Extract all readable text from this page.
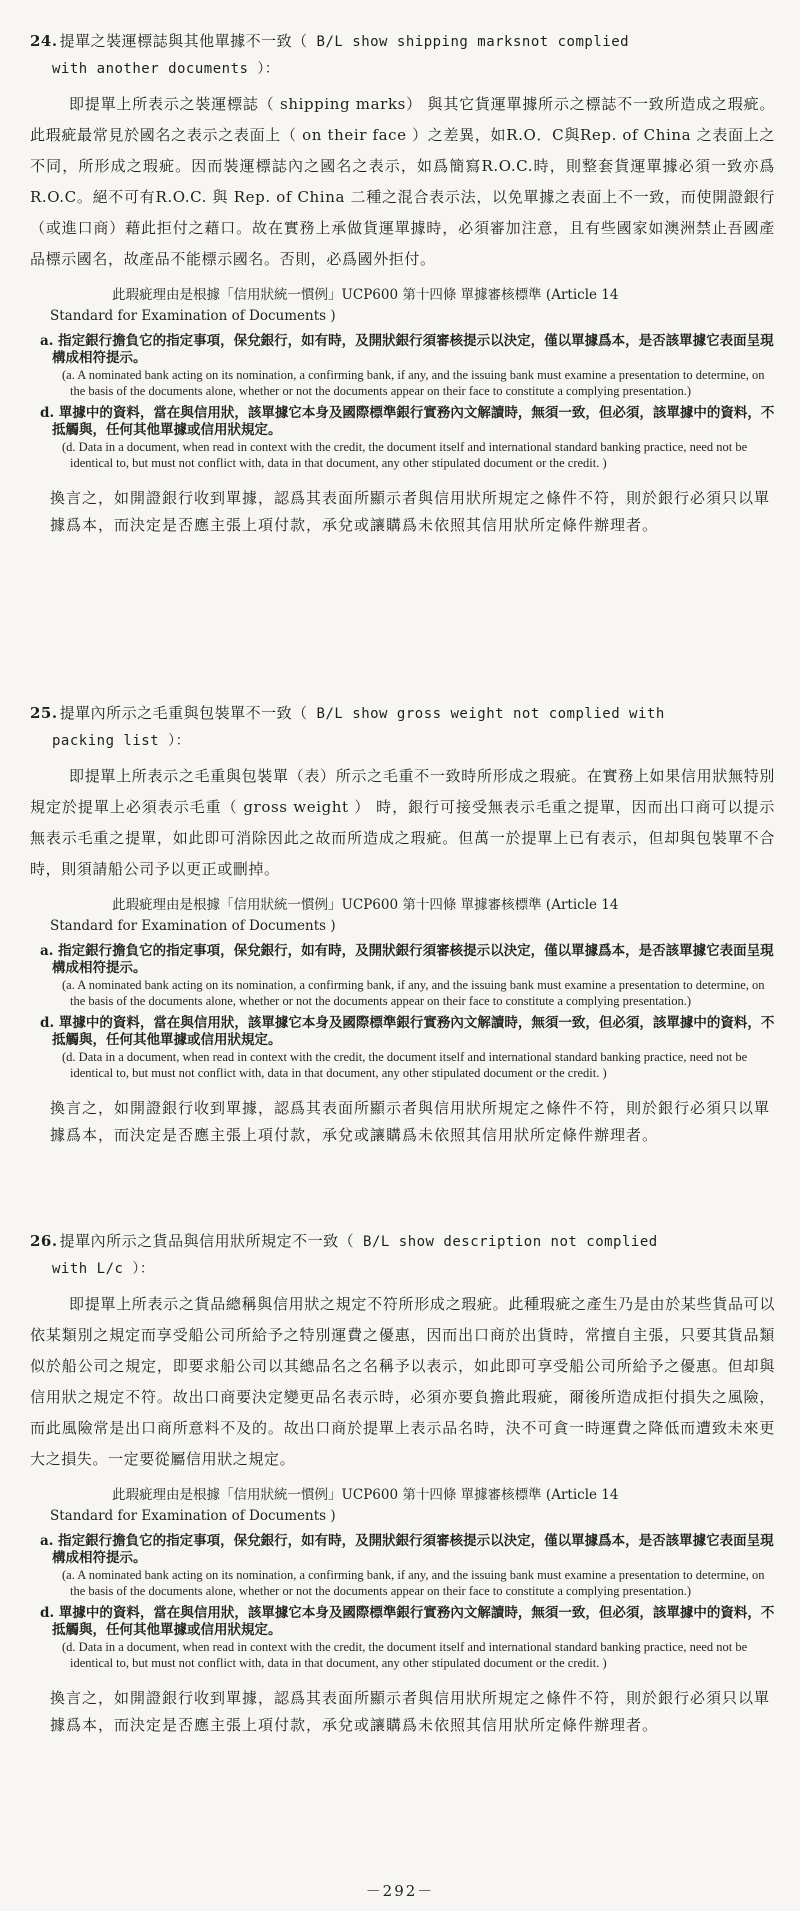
24. 提單之裝運標誌與其他單據不一致（ B/L show shipping marksnot complied
with another documents ）：

即提單上所表示之裝運標誌（ shipping marks） 與其它貨運單據所示之標誌不一致所造成之瑕疵。此瑕疵最常見於國名之表示之表面上（ on their face ）之差異，如R.O．C與Rep. of China 之表面上之不同，所形成之瑕疵。因而裝運標誌內之國名之表示，如爲簡寫R.O.C.時，則整套貨運單據必須一致亦爲R.O.C。絕不可有R.O.C. 與 Rep. of China 二種之混合表示法，以免單據之表面上不一致，而使開證銀行（或進口商）藉此拒付之藉口。故在實務上承做貨運單據時，必須審加注意，且有些國家如澳洲禁止吾國產品標示國名，故產品不能標示國名。否則，必爲國外拒付。

此瑕疵理由是根據「信用狀統一慣例」UCP600 第十四條 單據審核標準 (Article 14
Standard for Examination of Documents )
a. 指定銀行擔負它的指定事項，保兌銀行，如有時，及開狀銀行須審核提示以決定，僅以單據爲本，是否該單據它表面呈現構成相符提示。
(a. A nominated bank acting on its nomination, a confirming bank, if any, and the issuing bank must examine a presentation to determine, on the basis of the documents alone, whether or not the documents appear on their face to constitute a complying presentation.)
d. 單據中的資料，當在與信用狀，該單據它本身及國際標準銀行實務內文解讀時，無須一致，但必須，該單據中的資料，不抵觸與，任何其他單據或信用狀規定。
(d. Data in a document, when read in context with the credit, the document itself and international standard banking practice, need not be identical to, but must not conflict with, data in that document, any other stipulated document or the credit. )
換言之，如開證銀行收到單據，認爲其表面所顯示者與信用狀所規定之條件不符，則於銀行必須只以單據爲本，而決定是否應主張上項付款，承兌或讓購爲未依照其信用狀所定條件辦理者。
25. 提單內所示之毛重與包裝單不一致（ B/L show gross weight not complied with
packing list ）：

即提單上所表示之毛重與包裝單（表）所示之毛重不一致時所形成之瑕疵。在實務上如果信用狀無特別規定於提單上必須表示毛重（ gross weight ） 時，銀行可接受無表示毛重之提單，因而出口商可以提示無表示毛重之提單，如此即可消除因此之故而所造成之瑕疵。但萬一於提單上已有表示，但却與包裝單不合時，則須請船公司予以更正或刪掉。

此瑕疵理由是根據「信用狀統一慣例」UCP600 第十四條 單據審核標準 (Article 14
Standard for Examination of Documents )
a. 指定銀行擔負它的指定事項，保兌銀行，如有時，及開狀銀行須審核提示以決定，僅以單據爲本，是否該單據它表面呈現構成相符提示。
(a. A nominated bank acting on its nomination, a confirming bank, if any, and the issuing bank must examine a presentation to determine, on the basis of the documents alone, whether or not the documents appear on their face to constitute a complying presentation.)
d. 單據中的資料，當在與信用狀，該單據它本身及國際標準銀行實務內文解讀時，無須一致，但必須，該單據中的資料，不抵觸與，任何其他單據或信用狀規定。
(d. Data in a document, when read in context with the credit, the document itself and international standard banking practice, need not be identical to, but must not conflict with, data in that document, any other stipulated document or the credit. )
換言之，如開證銀行收到單據，認爲其表面所顯示者與信用狀所規定之條件不符，則於銀行必須只以單據爲本，而決定是否應主張上項付款，承兌或讓購爲未依照其信用狀所定條件辦理者。
26. 提單內所示之貨品與信用狀所規定不一致（ B/L show description not complied
with L/c ）：

即提單上所表示之貨品總稱與信用狀之規定不符所形成之瑕疵。此種瑕疵之產生乃是由於某些貨品可以依某類別之規定而享受船公司所給予之特別運費之優惠，因而出口商於出貨時，常擅自主張，只要其貨品類似於船公司之規定，即要求船公司以其總品名之名稱予以表示，如此即可享受船公司所給予之優惠。但却與信用狀之規定不符。故出口商要決定變更品名表示時，必須亦要負擔此瑕疵，爾後所造成拒付損失之風險，而此風險常是出口商所意料不及的。故出口商於提單上表示品名時，決不可貪一時運費之降低而遭致未來更大之損失。一定要從屬信用狀之規定。

此瑕疵理由是根據「信用狀統一慣例」UCP600 第十四條 單據審核標準 (Article 14
Standard for Examination of Documents )
a. 指定銀行擔負它的指定事項，保兌銀行，如有時，及開狀銀行須審核提示以決定，僅以單據爲本，是否該單據它表面呈現構成相符提示。
(a. A nominated bank acting on its nomination, a confirming bank, if any, and the issuing bank must examine a presentation to determine, on the basis of the documents alone, whether or not the documents appear on their face to constitute a complying presentation.)
d. 單據中的資料，當在與信用狀，該單據它本身及國際標準銀行實務內文解讀時，無須一致，但必須，該單據中的資料，不抵觸與，任何其他單據或信用狀規定。
(d. Data in a document, when read in context with the credit, the document itself and international standard banking practice, need not be identical to, but must not conflict with, data in that document, any other stipulated document or the credit. )
換言之，如開證銀行收到單據，認爲其表面所顯示者與信用狀所規定之條件不符，則於銀行必須只以單據爲本，而決定是否應主張上項付款，承兌或讓購爲未依照其信用狀所定條件辦理者。
－292－
